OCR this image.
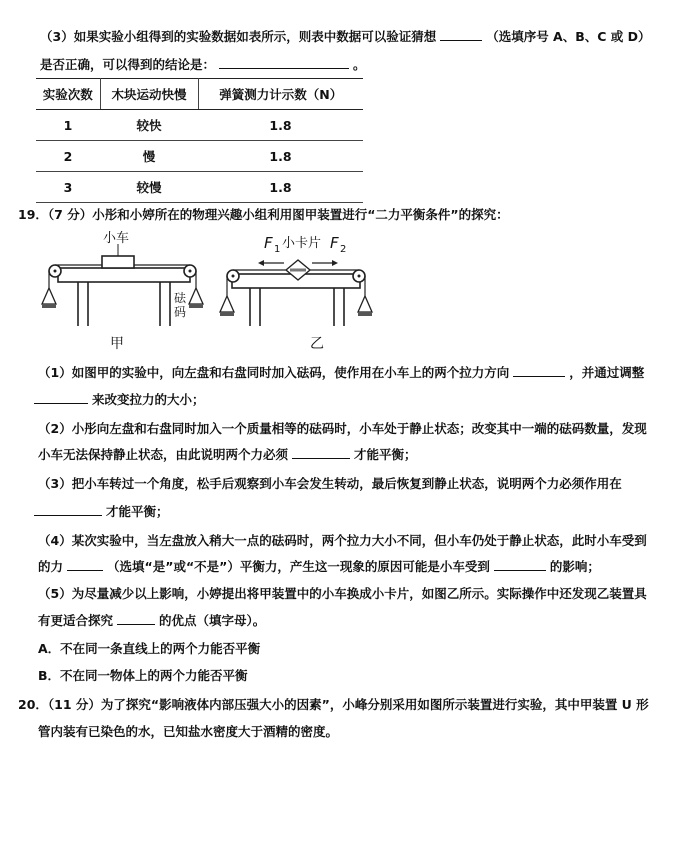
（3）如果实验小组得到的实验数据如表所示，则表中数据可以验证猜想	（选填序号 A、B、C 或 D）
是否正确，可以得到的结论是：	。
实验次数	木块运动快慢	弹簧测力计示数（N）
1	较快	1.8
2	慢	1.8
3	较慢	1.8
19．（7 分）小彤和小婷所在的物理兴趣小组利用图甲装置进行“二力平衡条件”的探究：
小车
砝
码
甲
F 1 小卡片 F 2
乙
（1）如图甲的实验中，向左盘和右盘同时加入砝码，使作用在小车上的两个拉力方向	，并通过调整
来改变拉力的大小；
（2）小彤向左盘和右盘同时加入一个质量相等的砝码时，小车处于静止状态；改变其中一端的砝码数量，发现
小车无法保持静止状态，由此说明两个力必须	才能平衡；
（3）把小车转过一个角度，松手后观察到小车会发生转动，最后恢复到静止状态，说明两个力必须作用在
才能平衡；
（4）某次实验中，当左盘放入稍大一点的砝码时，两个拉力大小不同，但小车仍处于静止状态，此时小车受到
的力	（选填“是”或“不是”）平衡力，产生这一现象的原因可能是小车受到	的影响；
（5）为尽量减少以上影响，小婷提出将甲装置中的小车换成小卡片，如图乙所示。实际操作中还发现乙装置具
有更适合探究	的优点（填字母）。
A．不在同一条直线上的两个力能否平衡
B．不在同一物体上的两个力能否平衡
20．（11 分）为了探究“影响液体内部压强大小的因素”，小峰分别采用如图所示装置进行实验，其中甲装置 U 形
管内装有已染色的水，已知盐水密度大于酒精的密度。
